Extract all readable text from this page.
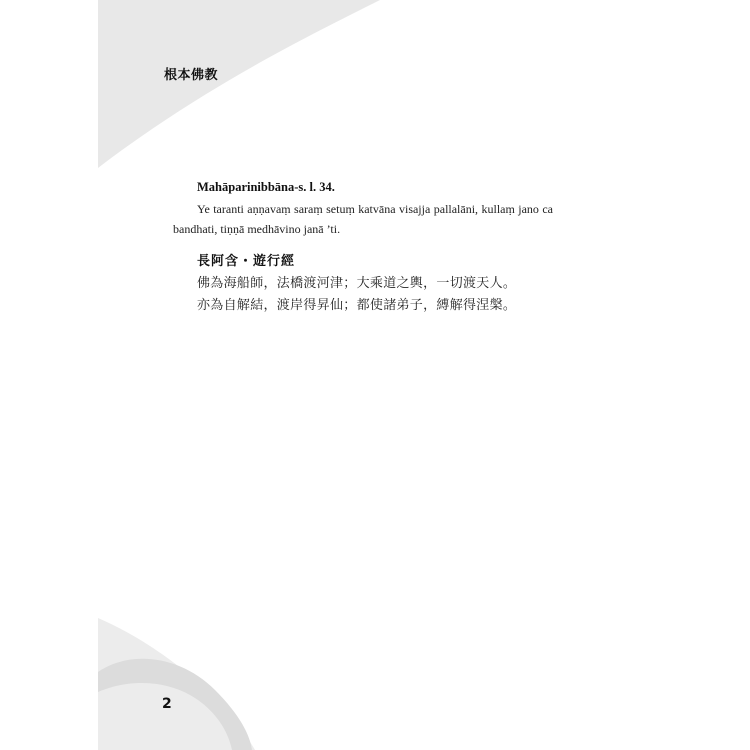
根本佛教
Mahāparinibbāna-s. l. 34.
Ye taranti aṇṇavaṃ saraṃ setuṃ katvāna visajja pallalāni, kullaṃ jano ca bandhati, tiṇṇā medhāvino janā ’ti.
長阿含・遊行經
佛為海船師，法橋渡河津；大乘道之輿，一切渡天人。
亦為自解結，渡岸得昇仙；都使諸弟子，縛解得涅槃。
2
